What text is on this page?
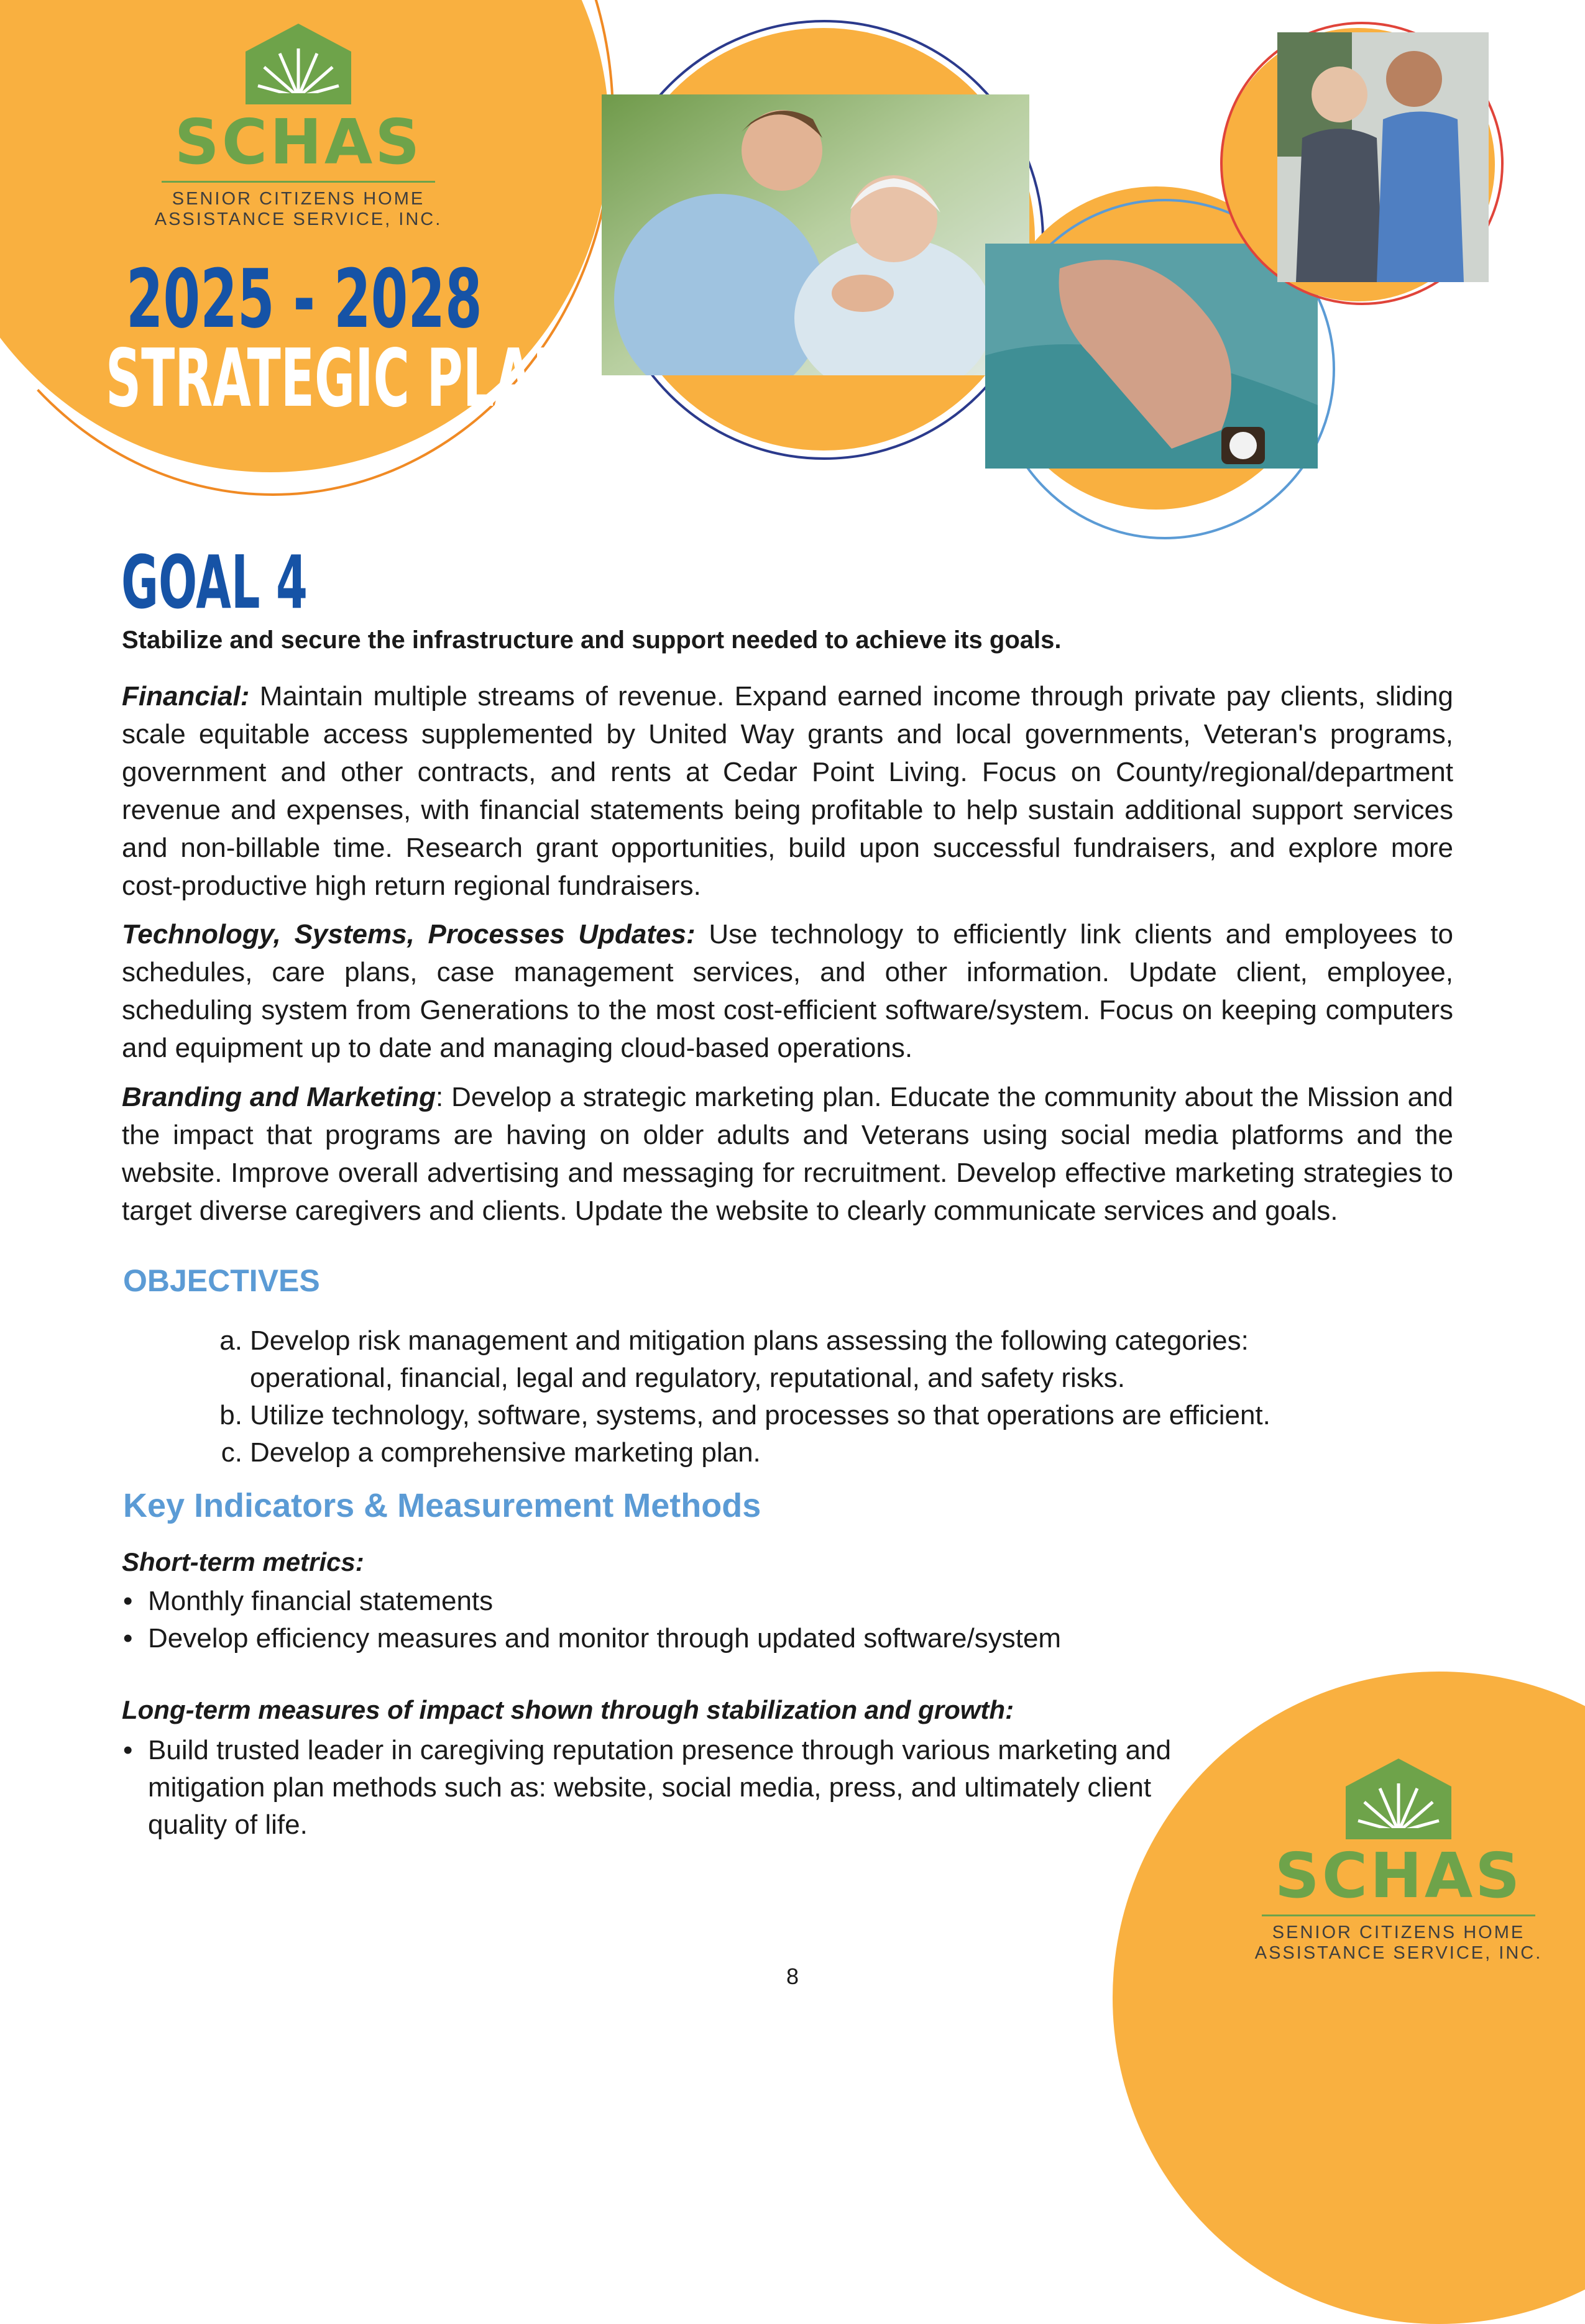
SCHAS
SENIOR CITIZENS HOME
ASSISTANCE SERVICE, INC.
2025 - 2028
STRATEGIC PLAN
GOAL 4
Stabilize and secure the infrastructure and support needed to achieve its goals.
Financial: Maintain multiple streams of revenue. Expand earned income through private pay clients, sliding scale equitable access supplemented by United Way grants and local governments, Veteran's programs, government and other contracts, and rents at Cedar Point Living. Focus on County/regional/department revenue and expenses, with financial statements being profitable to help sustain additional support services and non-billable time. Research grant opportunities, build upon successful fundraisers, and explore more cost-productive high return regional fundraisers.
Technology, Systems, Processes Updates: Use technology to efficiently link clients and employees to schedules, care plans, case management services, and other information. Update client, employee, scheduling system from Generations to the most cost-efficient software/system. Focus on keeping computers and equipment up to date and managing cloud-based operations.
Branding and Marketing: Develop a strategic marketing plan. Educate the community about the Mission and the impact that programs are having on older adults and Veterans using social media platforms and the website. Improve overall advertising and messaging for recruitment. Develop effective marketing strategies to target diverse caregivers and clients. Update the website to clearly communicate services and goals.
OBJECTIVES
a. Develop risk management and mitigation plans assessing the following categories:
operational, financial, legal and regulatory, reputational, and safety risks.
b. Utilize technology, software, systems, and processes so that operations are efficient.
c. Develop a comprehensive marketing plan.
Key Indicators & Measurement Methods
Short-term metrics:
• Monthly financial statements
• Develop efficiency measures and monitor through updated software/system
Long-term measures of impact shown through stabilization and growth:
• Build trusted leader in caregiving reputation presence through various marketing and mitigation plan methods such as: website, social media, press, and ultimately client quality of life.
SCHAS
SENIOR CITIZENS HOME
ASSISTANCE SERVICE, INC.
8
